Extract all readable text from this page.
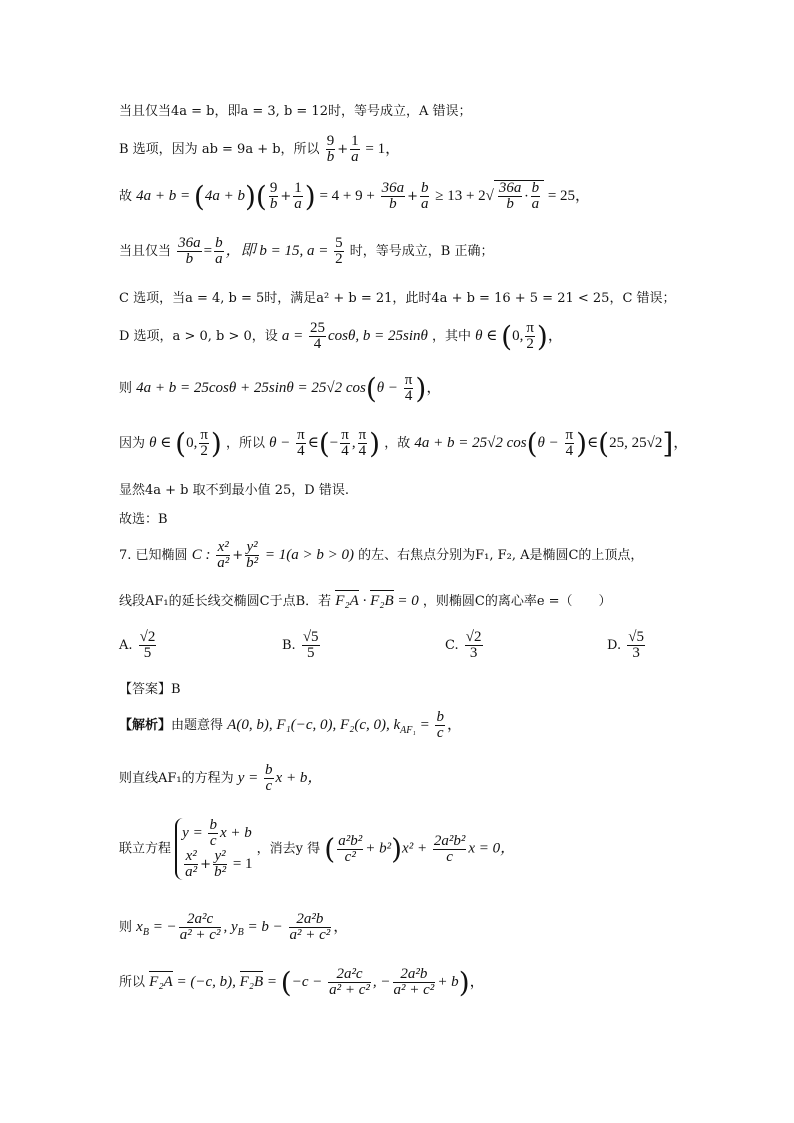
当且仅当4a = b，即a = 3, b = 12时，等号成立，A 错误；
B 选项，因为 ab = 9a + b，所以 $\frac{9}{b} + \frac{1}{a} = 1$，
故 $4a + b = (4a + b)( \frac{9}{b} + \frac{1}{a}$ ) = $4 + 9 + \frac{36a}{b} + \frac{b}{a} \ge 13 + 2√ \frac{36a}{b} \cdot \frac{b}{a} = 25$，
当且仅当 $\frac{36a}{b} = \frac{b}{a}$ ，即 b = 15, $a = \frac{5}{2}$ 时，等号成立，B 正确；
C 选项，当a = 4, b = 5时，满足a² + b = 21，此时4a + b = 16 + 5 = 21 < 25，C 错误；
D 选项，a > 0, b > 0，设 $a = \frac{25}{4} \cos\theta$, b = 25sinθ ，其中 θ ∈ (0, $\frac{\pi}{2}$ )，
则 4a + b = 25cosθ + 25sinθ = 25√2 $\cos(\theta - \frac{\pi}{4}$ )，
因为 θ ∈ (0, $\frac{\pi}{2}$ ) ，所以 $\theta - \frac{\pi}{4}$ ∈(− $\frac{\pi}{4}$ , $\frac{\pi}{4}$ ) ，故 4a + b = 25√2 $\cos(\theta - \frac{\pi}{4}$ )∈(25, 25√2]，
显然4a + b 取不到最小值 25，D 错误.
故选：B
7. 已知椭圆 C : $\frac{\text{x²}}{\text{a²}} + \frac{\text{y²}}{\text{b²}} = 1(a > b > 0)$ 的左、右焦点分别为F₁, F₂, A是椭圆C的上顶点，
线段AF₁的延长线交椭圆C于点B．若 F₂A · F₂B = 0 ，则椭圆C的离心率e =（　　）
A. $\frac{√2}{5}$	B. $\frac{√5}{5}$	C. $\frac{√2}{3}$	D. $\frac{√5}{3}$
【答案】B
【解析】由题意得 A(0, b), F₁(−c, 0), F₂(c, 0), $k_{AF_1} = \frac{b}{c}$ ，
则直线AF₁的方程为 $y = \frac{b}{c}$ x + b，
联立方程
$y = \frac{b}{c}$ x + b
$\frac{\text{x²}}{\text{a²}} + \frac{\text{y²}}{\text{b²}} = 1$
，消去y 得 ( $\frac{\text{a²b²}}{\text{c²}} + b^2)x^2 + \frac{\text{2a²b²}}{c}$ x = 0，
则 $x_B$ = − $\frac{\text{2a²c}}{\text{a² + c²}}$ , $y_B = b - \frac{\text{2a²b}}{\text{a² + c²}}$ ，
所以 F₂A = (−c, b), $F_2B = (-c - \frac{\text{2a²c}}{\text{a² + c²}}$ , − $\frac{\text{2a²b}}{\text{a² + c²}} + b$)，
